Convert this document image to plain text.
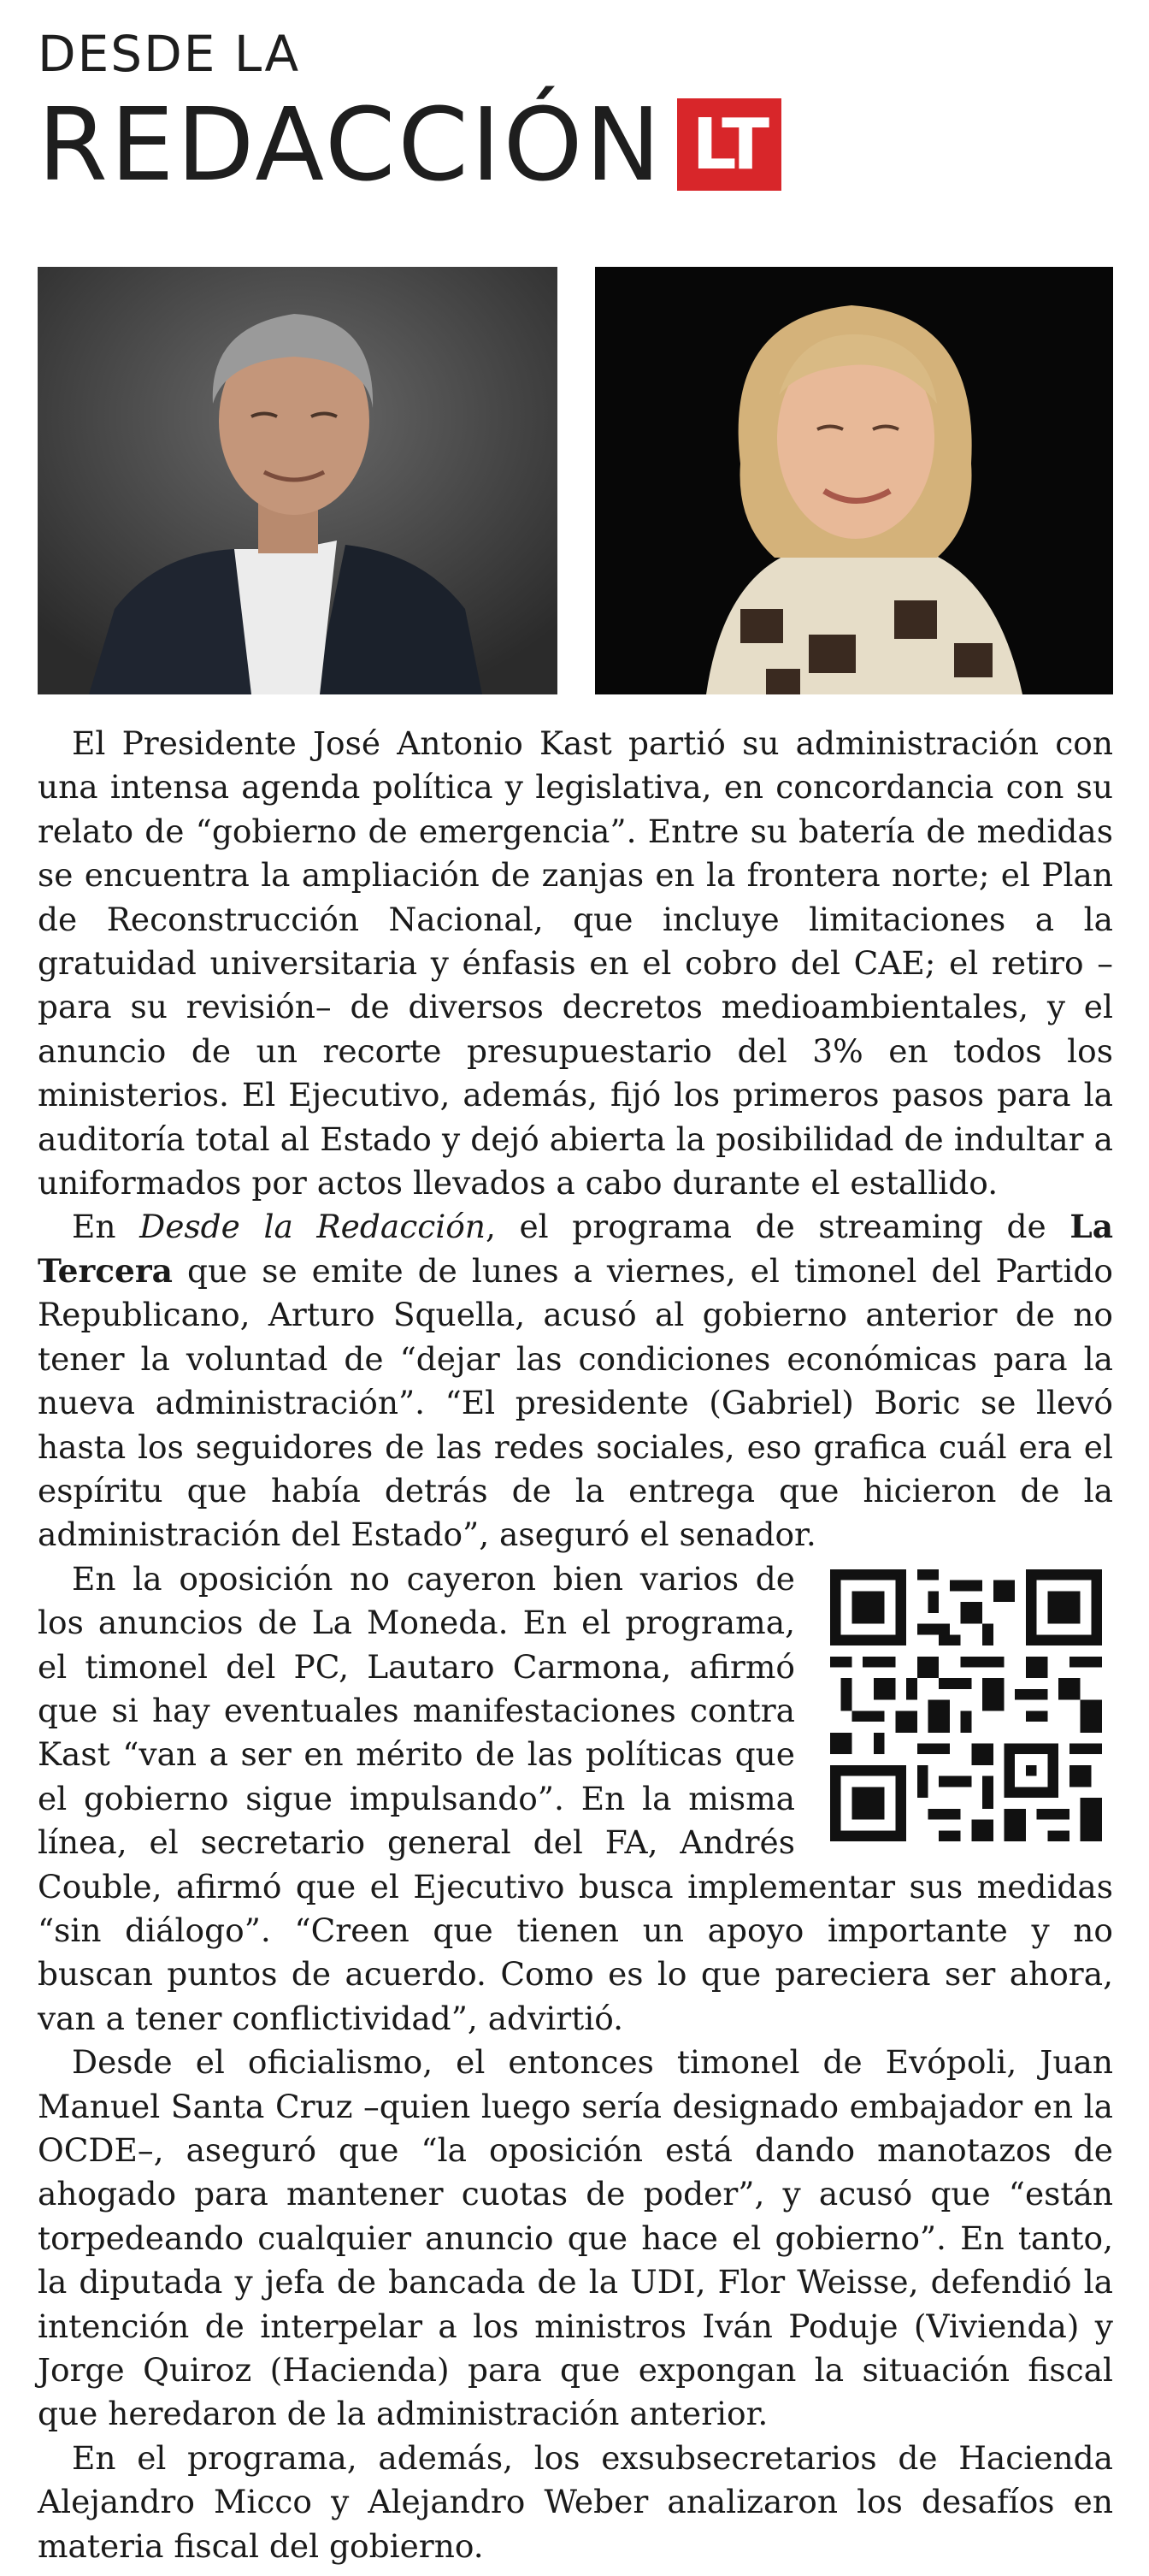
DESDE LA
REDACCIÓN LT

El Presidente José Antonio Kast partió su administración con una intensa agenda política y legislativa, en concordancia con su relato de “gobierno de emergencia”. Entre su batería de medidas se encuentra la ampliación de zanjas en la frontera norte; el Plan de Reconstrucción Nacional, que incluye limitaciones a la gratuidad universitaria y énfasis en el cobro del CAE; el retiro –para su revisión– de diversos decretos medioambientales, y el anuncio de un recorte presupuestario del 3% en todos los ministerios. El Ejecutivo, además, fijó los primeros pasos para la auditoría total al Estado y dejó abierta la posibilidad de indultar a uniformados por actos llevados a cabo durante el estallido.

En Desde la Redacción, el programa de streaming de La Tercera que se emite de lunes a viernes, el timonel del Partido Republicano, Arturo Squella, acusó al gobierno anterior de no tener la voluntad de “dejar las condiciones económicas para la nueva administración”. “El presidente (Gabriel) Boric se llevó hasta los seguidores de las redes sociales, eso grafica cuál era el espíritu que había detrás de la entrega que hicieron de la administración del Estado”, aseguró el senador.

En la oposición no cayeron bien varios de los anuncios de La Moneda. En el programa, el timonel del PC, Lautaro Carmona, afirmó que si hay eventuales manifestaciones contra Kast “van a ser en mérito de las políticas que el gobierno sigue impulsando”. En la misma línea, el secretario general del FA, Andrés Couble, afirmó que el Ejecutivo busca implementar sus medidas “sin diálogo”. “Creen que tienen un apoyo importante y no buscan puntos de acuerdo. Como es lo que pareciera ser ahora, van a tener conflictividad”, advirtió.

Desde el oficialismo, el entonces timonel de Evópoli, Juan Manuel Santa Cruz –quien luego sería designado embajador en la OCDE–, aseguró que “la oposición está dando manotazos de ahogado para mantener cuotas de poder”, y acusó que “están torpedeando cualquier anuncio que hace el gobierno”. En tanto, la diputada y jefa de bancada de la UDI, Flor Weisse, defendió la intención de interpelar a los ministros Iván Poduje (Vivienda) y Jorge Quiroz (Hacienda) para que expongan la situación fiscal que heredaron de la administración anterior.

En el programa, además, los exsubsecretarios de Hacienda Alejandro Micco y Alejandro Weber analizaron los desafíos en materia fiscal del gobierno.
